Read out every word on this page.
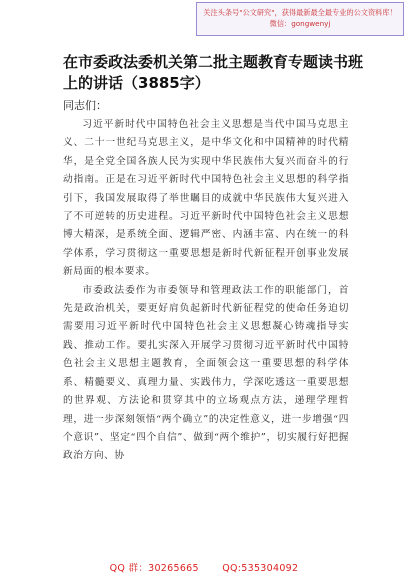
关注头条号"公文研究"，获得最新最全最专业的公文资料库！ 微信：gongwenyj
在市委政法委机关第二批主题教育专题读书班上的讲话（3885字）
同志们：

习近平新时代中国特色社会主义思想是当代中国马克思主义、二十一世纪马克思主义，是中华文化和中国精神的时代精华，是全党全国各族人民为实现中华民族伟大复兴而奋斗的行动指南。正是在习近平新时代中国特色社会主义思想的科学指引下，我国发展取得了举世瞩目的成就中华民族伟大复兴进入了不可逆转的历史进程。习近平新时代中国特色社会主义思想博大精深，是系统全面、逻辑严密、内涵丰富、内在统一的科学体系，学习贯彻这一重要思想是新时代新征程开创事业发展新局面的根本要求。

市委政法委作为市委领导和管理政法工作的职能部门，首先是政治机关，要更好肩负起新时代新征程党的使命任务迫切需要用习近平新时代中国特色社会主义思想凝心铸魂指导实践、推动工作。要扎实深入开展学习贯彻习近平新时代中国特色社会主义思想主题教育，全面领会这一重要思想的科学体系、精髓要义、真理力量、实践伟力，学深吃透这一重要思想的世界观、方法论和贯穿其中的立场观点方法，递理学理哲理，进一步深刻领悟“两个确立”的决定性意义，进一步增强“四个意识”、坚定“四个自信”、做到“两个维护”，切实履行好把握政治方向、协

QQ 群：30265665 QQ:535304092
